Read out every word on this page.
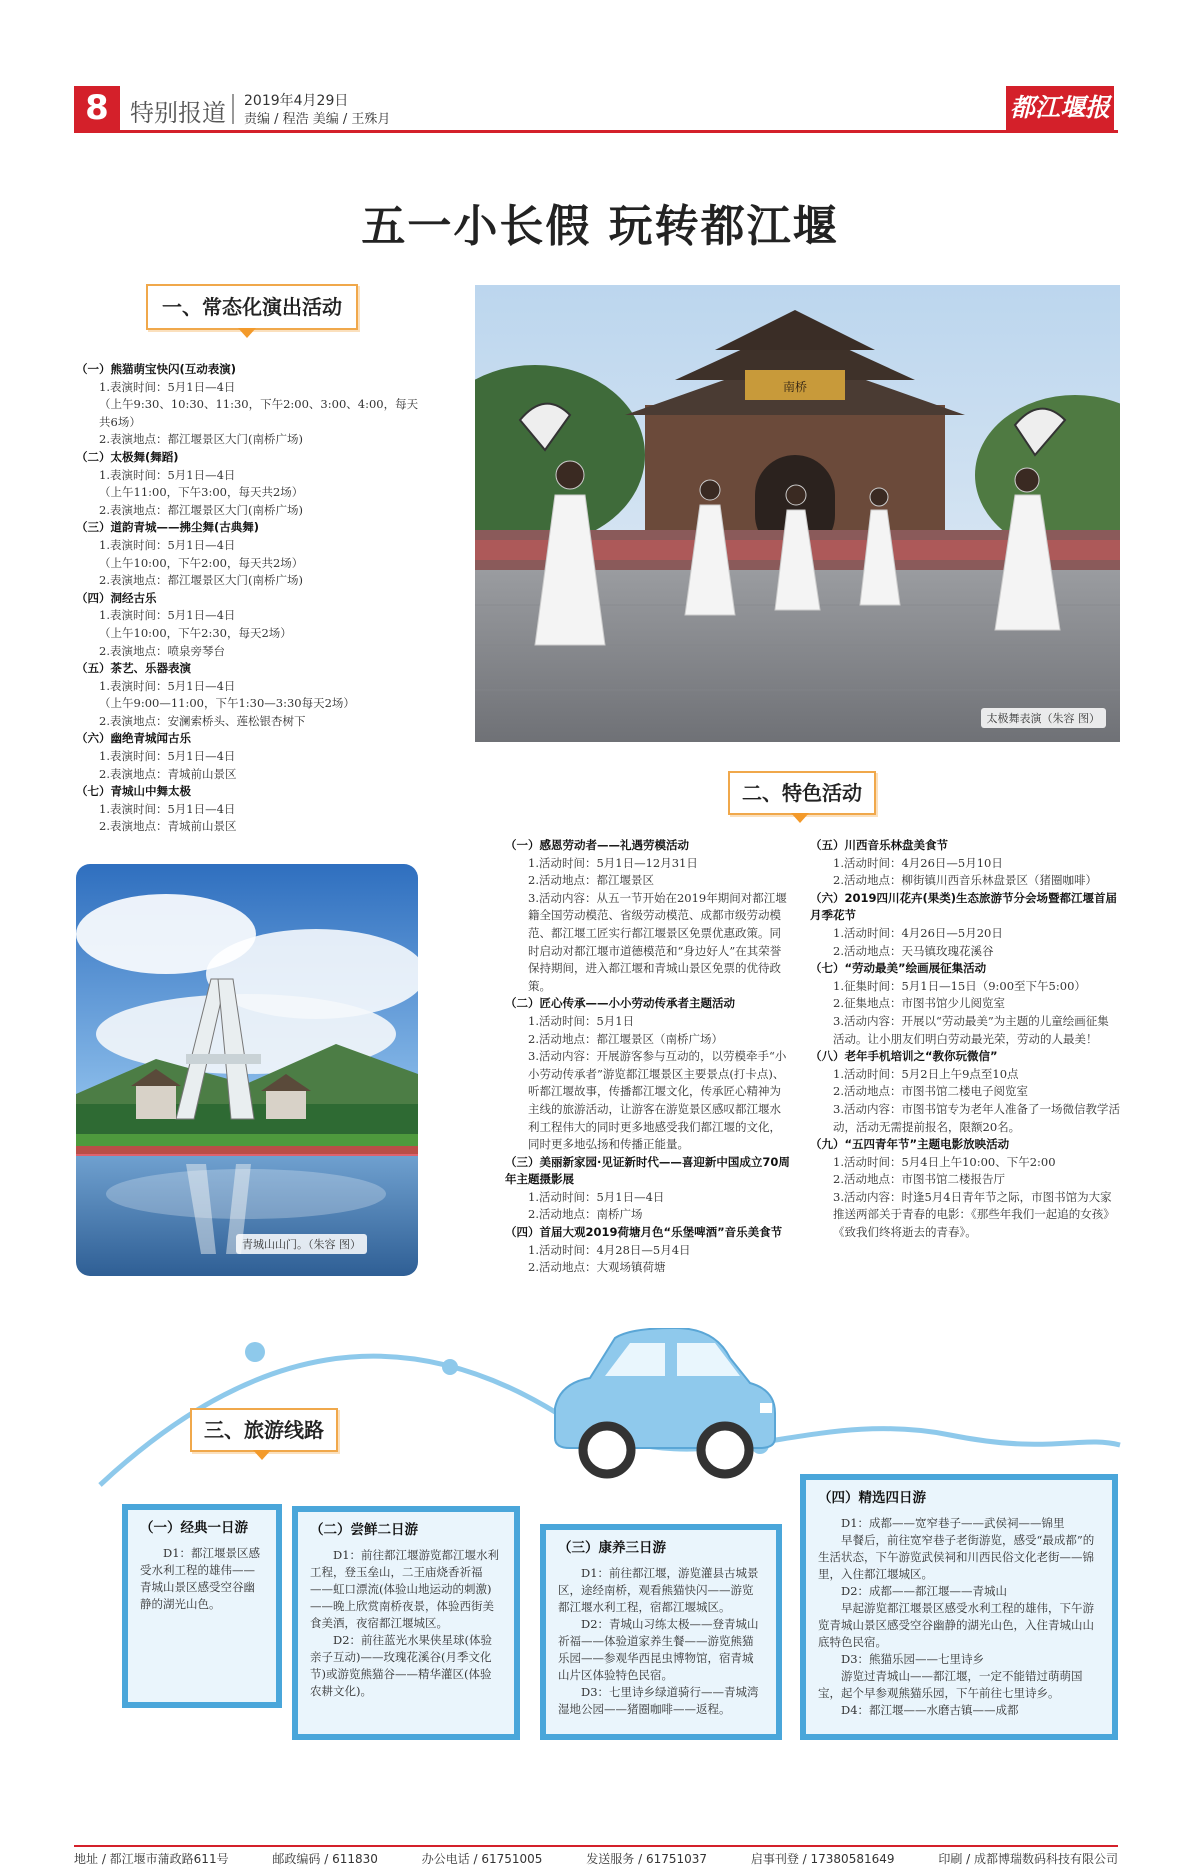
8 特别报道 2019年4月29日
责编 / 程浩 美编 / 王殊月	都江堰报
五一小长假 玩转都江堰
一、常态化演出活动

（一）熊猫萌宝快闪(互动表演)

1.表演时间：5月1日—4日

（上午9:30、10:30、11:30，下午2:00、3:00、4:00，每天共6场）

2.表演地点：都江堰景区大门(南桥广场)

（二）太极舞(舞蹈)

1.表演时间：5月1日—4日

（上午11:00，下午3:00，每天共2场）

2.表演地点：都江堰景区大门(南桥广场)

（三）道韵青城——拂尘舞(古典舞)

1.表演时间：5月1日—4日

（上午10:00，下午2:00，每天共2场）

2.表演地点：都江堰景区大门(南桥广场)

（四）洞经古乐

1.表演时间：5月1日—4日

（上午10:00，下午2:30，每天2场）

2.表演地点：喷泉旁琴台

（五）茶艺、乐器表演

1.表演时间：5月1日—4日

（上午9:00—11:00，下午1:30—3:30每天2场）

2.表演地点：安澜索桥头、莲松银杏树下

（六）幽绝青城闻古乐

1.表演时间：5月1日—4日

2.表演地点：青城前山景区

（七）青城山中舞太极

1.表演时间：5月1日—4日

2.表演地点：青城前山景区

南桥
太极舞表演（朱容 图）
青城山山门。（朱容 图）
二、特色活动

（一）感恩劳动者——礼遇劳模活动

1.活动时间：5月1日—12月31日

2.活动地点：都江堰景区

3.活动内容：从五一节开始在2019年期间对都江堰籍全国劳动模范、省级劳动模范、成都市级劳动模范、都江堰工匠实行都江堰景区免票优惠政策。同时启动对都江堰市道德模范和“身边好人”在其荣誉保持期间，进入都江堰和青城山景区免票的优待政策。

（二）匠心传承——小小劳动传承者主题活动

1.活动时间：5月1日

2.活动地点：都江堰景区（南桥广场）

3.活动内容：开展游客参与互动的，以劳模牵手“小小劳动传承者”游览都江堰景区主要景点(打卡点)、听都江堰故事，传播都江堰文化，传承匠心精神为主线的旅游活动，让游客在游览景区感叹都江堰水利工程伟大的同时更多地感受我们都江堰的文化，同时更多地弘扬和传播正能量。

（三）美丽新家园·见证新时代——喜迎新中国成立70周年主题摄影展

1.活动时间：5月1日—4日

2.活动地点：南桥广场

（四）首届大观2019荷塘月色“乐堡啤酒”音乐美食节

1.活动时间：4月28日—5月4日

2.活动地点：大观场镇荷塘

（五）川西音乐林盘美食节

1.活动时间：4月26日—5月10日

2.活动地点：柳街镇川西音乐林盘景区（猪圈咖啡）

（六）2019四川花卉(果类)生态旅游节分会场暨都江堰首届月季花节

1.活动时间：4月26日—5月20日

2.活动地点：天马镇玫瑰花溪谷

（七）“劳动最美”绘画展征集活动

1.征集时间：5月1日—15日（9:00至下午5:00）

2.征集地点：市图书馆少儿阅览室

3.活动内容：开展以“劳动最美”为主题的儿童绘画征集活动。让小朋友们明白劳动最光荣，劳动的人最美！

（八）老年手机培训之“教你玩微信”

1.活动时间：5月2日上午9点至10点

2.活动地点：市图书馆二楼电子阅览室

3.活动内容：市图书馆专为老年人准备了一场微信教学活动，活动无需提前报名，限额20名。

（九）“五四青年节”主题电影放映活动

1.活动时间：5月4日上午10:00、下午2:00

2.活动地点：市图书馆二楼报告厅

3.活动内容：时逢5月4日青年节之际，市图书馆为大家推送两部关于青春的电影：《那些年我们一起追的女孩》《致我们终将逝去的青春》。

三、旅游线路
（一）经典一日游

D1：都江堰景区感受水利工程的雄伟——青城山景区感受空谷幽静的湖光山色。

（二）尝鲜二日游

D1：前往都江堰游览都江堰水利工程，登玉垒山，二王庙烧香祈福——虹口漂流(体验山地运动的刺激)——晚上欣赏南桥夜景，体验西街美食美酒，夜宿都江堰城区。

D2：前往蓝光水果侠星球(体验亲子互动)——玫瑰花溪谷(月季文化节)或游览熊猫谷——精华灌区(体验农耕文化)。

（三）康养三日游

D1：前往都江堰，游览灌县古城景区，途经南桥，观看熊猫快闪——游览都江堰水利工程，宿都江堰城区。

D2：青城山习练太极——登青城山祈福——体验道家养生餐——游览熊猫乐园——参观华西昆虫博物馆，宿青城山片区体验特色民宿。

D3：七里诗乡绿道骑行——青城湾湿地公园——猪圈咖啡——返程。

（四）精选四日游

D1：成都——宽窄巷子——武侯祠——锦里

早餐后，前往宽窄巷子老街游览，感受“最成都”的生活状态，下午游览武侯祠和川西民俗文化老街——锦里，入住都江堰城区。

D2：成都——都江堰——青城山

早起游览都江堰景区感受水利工程的雄伟，下午游览青城山景区感受空谷幽静的湖光山色，入住青城山山底特色民宿。

D3：熊猫乐园——七里诗乡

游览过青城山——都江堰，一定不能错过萌萌国宝，起个早参观熊猫乐园，下午前往七里诗乡。

D4：都江堰——水磨古镇——成都

地址 / 都江堰市蒲政路611号	邮政编码 / 611830	办公电话 / 61751005	发送服务 / 61751037	启事刊登 / 17380581649	印刷 / 成都博瑞数码科技有限公司
